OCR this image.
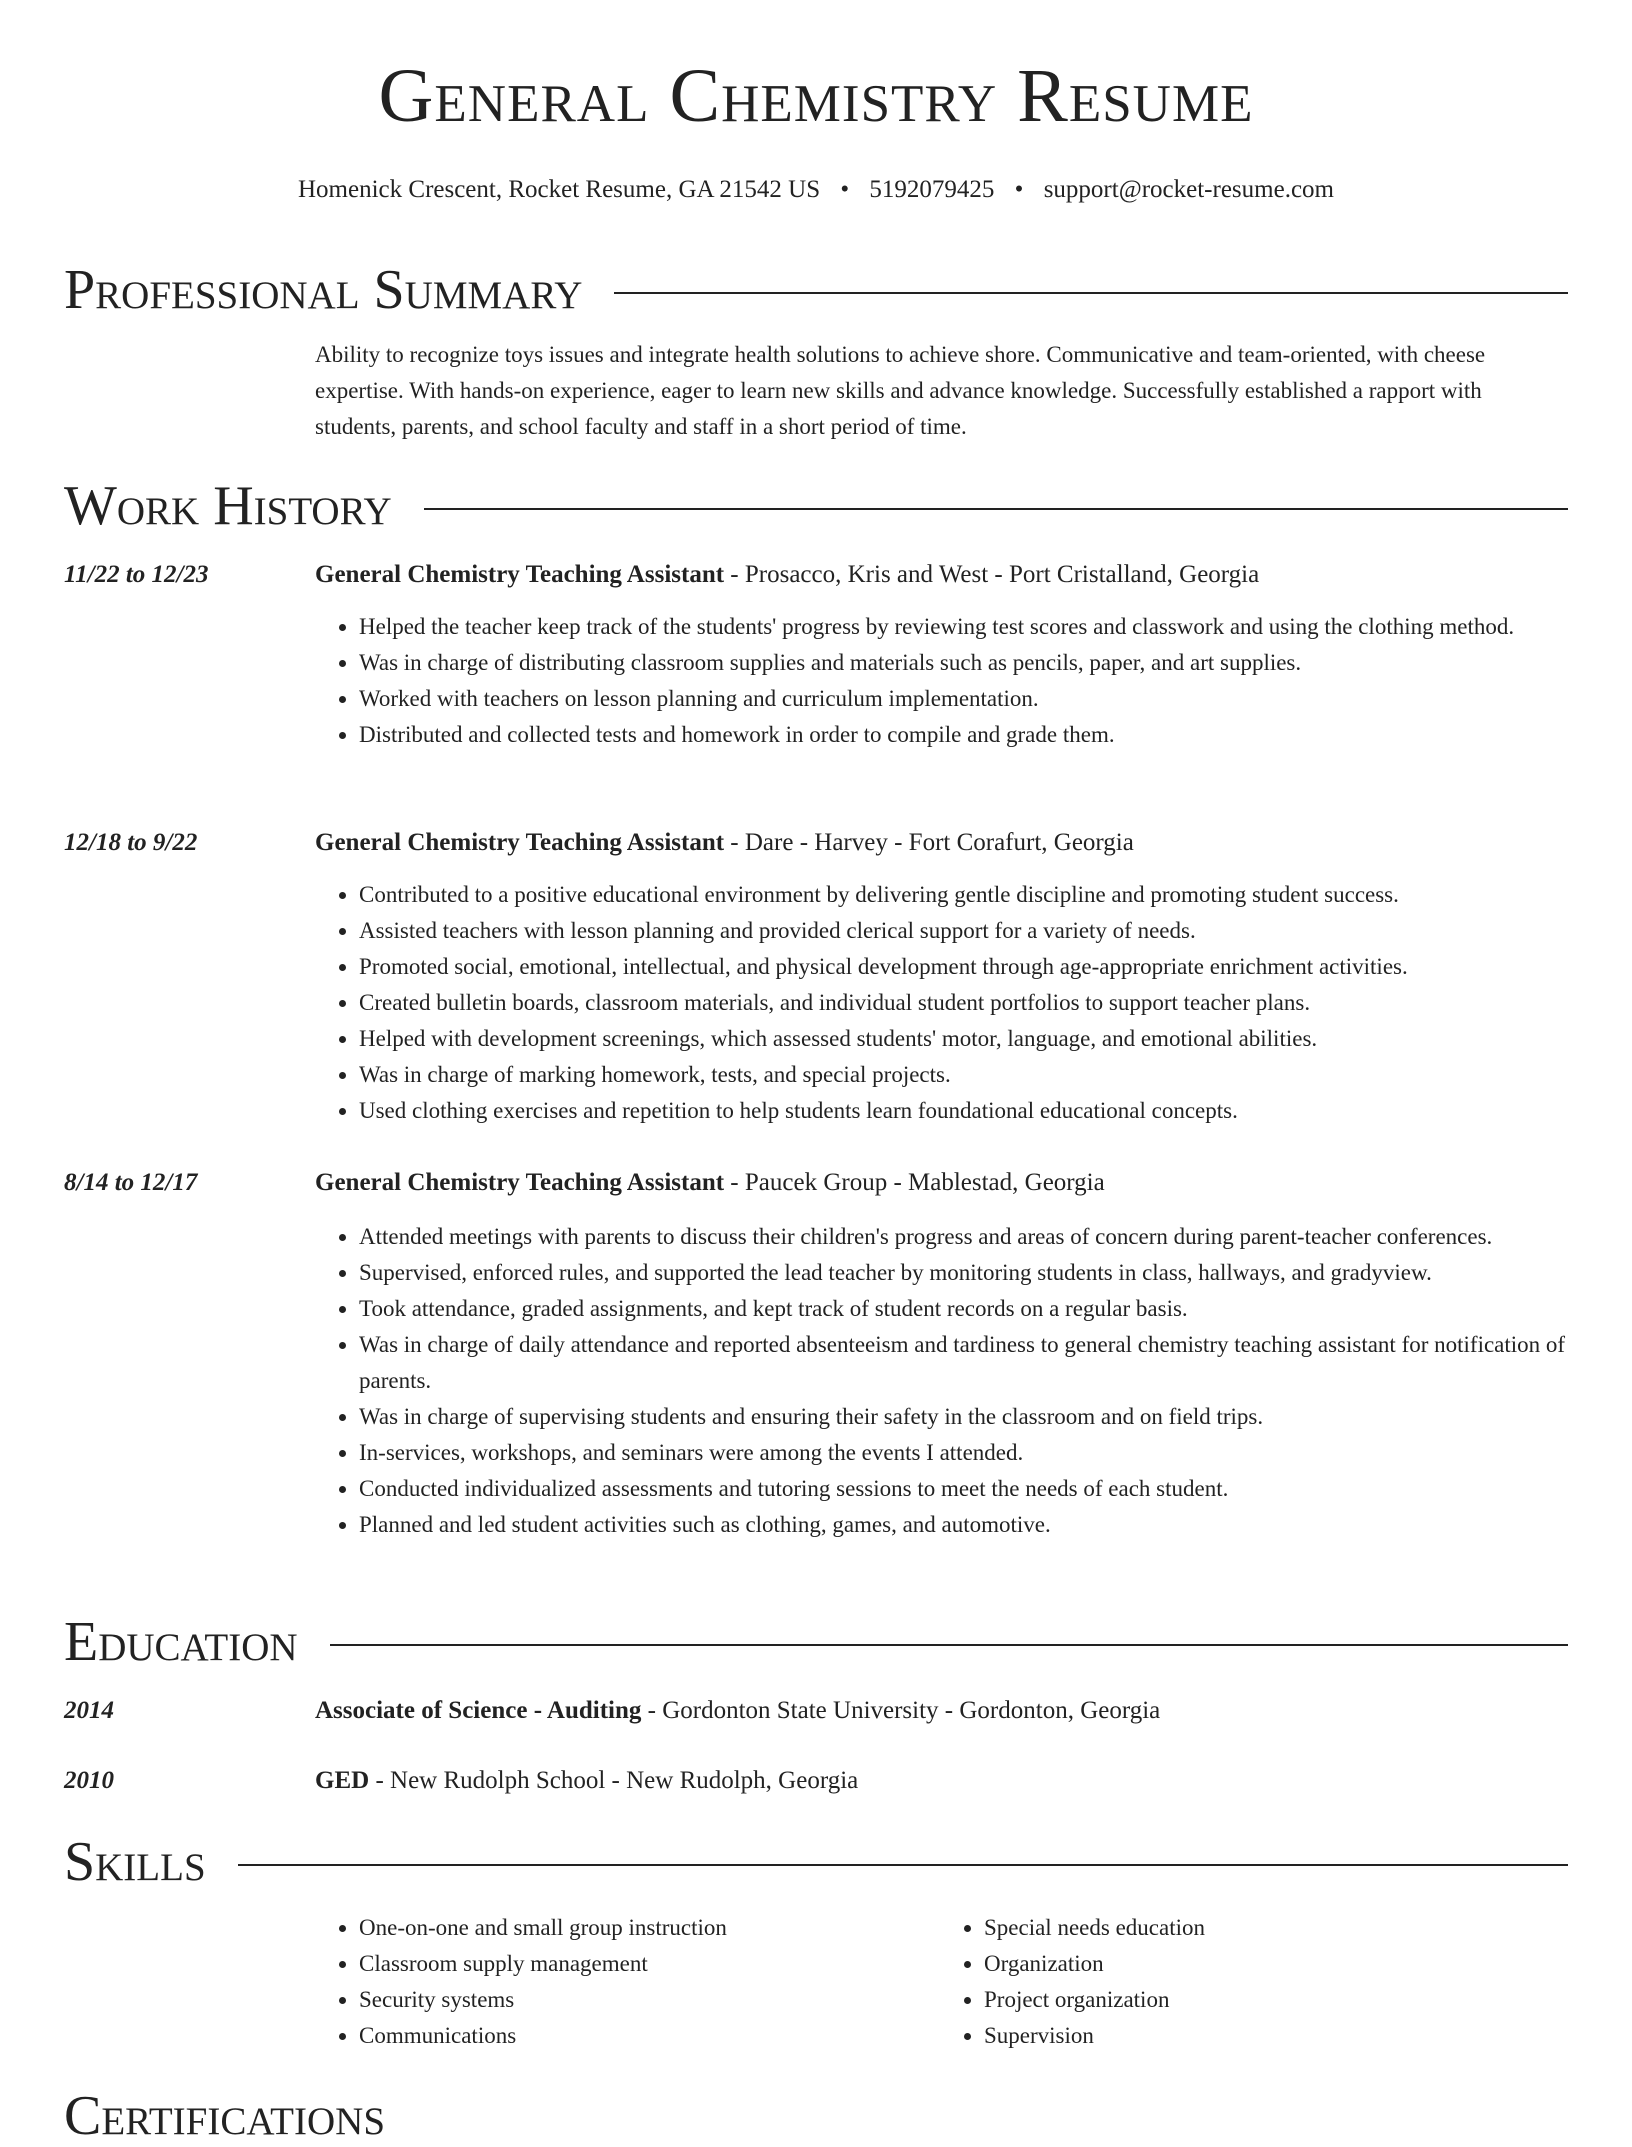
General Chemistry Resume
Homenick Crescent, Rocket Resume, GA 21542 US • 5192079425 • support@rocket-resume.com
Professional Summary

Ability to recognize toys issues and integrate health solutions to achieve shore. Communicative and team-oriented, with cheese expertise. With hands-on experience, eager to learn new skills and advance knowledge. Successfully established a rapport with students, parents, and school faculty and staff in a short period of time.

Work History
11/22 to 12/23	General Chemistry Teaching Assistant - Prosacco, Kris and West - Port Cristalland, Georgia
• Helped the teacher keep track of the students' progress by reviewing test scores and classwork and using the clothing method.
• Was in charge of distributing classroom supplies and materials such as pencils, paper, and art supplies.
• Worked with teachers on lesson planning and curriculum implementation.
• Distributed and collected tests and homework in order to compile and grade them.
12/18 to 9/22	General Chemistry Teaching Assistant - Dare - Harvey - Fort Corafurt, Georgia
• Contributed to a positive educational environment by delivering gentle discipline and promoting student success.
• Assisted teachers with lesson planning and provided clerical support for a variety of needs.
• Promoted social, emotional, intellectual, and physical development through age-appropriate enrichment activities.
• Created bulletin boards, classroom materials, and individual student portfolios to support teacher plans.
• Helped with development screenings, which assessed students' motor, language, and emotional abilities.
• Was in charge of marking homework, tests, and special projects.
• Used clothing exercises and repetition to help students learn foundational educational concepts.
8/14 to 12/17	General Chemistry Teaching Assistant - Paucek Group - Mablestad, Georgia
• Attended meetings with parents to discuss their children's progress and areas of concern during parent-teacher conferences.
• Supervised, enforced rules, and supported the lead teacher by monitoring students in class, hallways, and gradyview.
• Took attendance, graded assignments, and kept track of student records on a regular basis.
• Was in charge of daily attendance and reported absenteeism and tardiness to general chemistry teaching assistant for notification of parents.
• Was in charge of supervising students and ensuring their safety in the classroom and on field trips.
• In-services, workshops, and seminars were among the events I attended.
• Conducted individualized assessments and tutoring sessions to meet the needs of each student.
• Planned and led student activities such as clothing, games, and automotive.
Education
2014	Associate of Science - Auditing - Gordonton State University - Gordonton, Georgia
2010	GED - New Rudolph School - New Rudolph, Georgia
Skills
• One-on-one and small group instruction
• Classroom supply management
• Security systems
• Communications
• Special needs education
• Organization
• Project organization
• Supervision
Certifications
